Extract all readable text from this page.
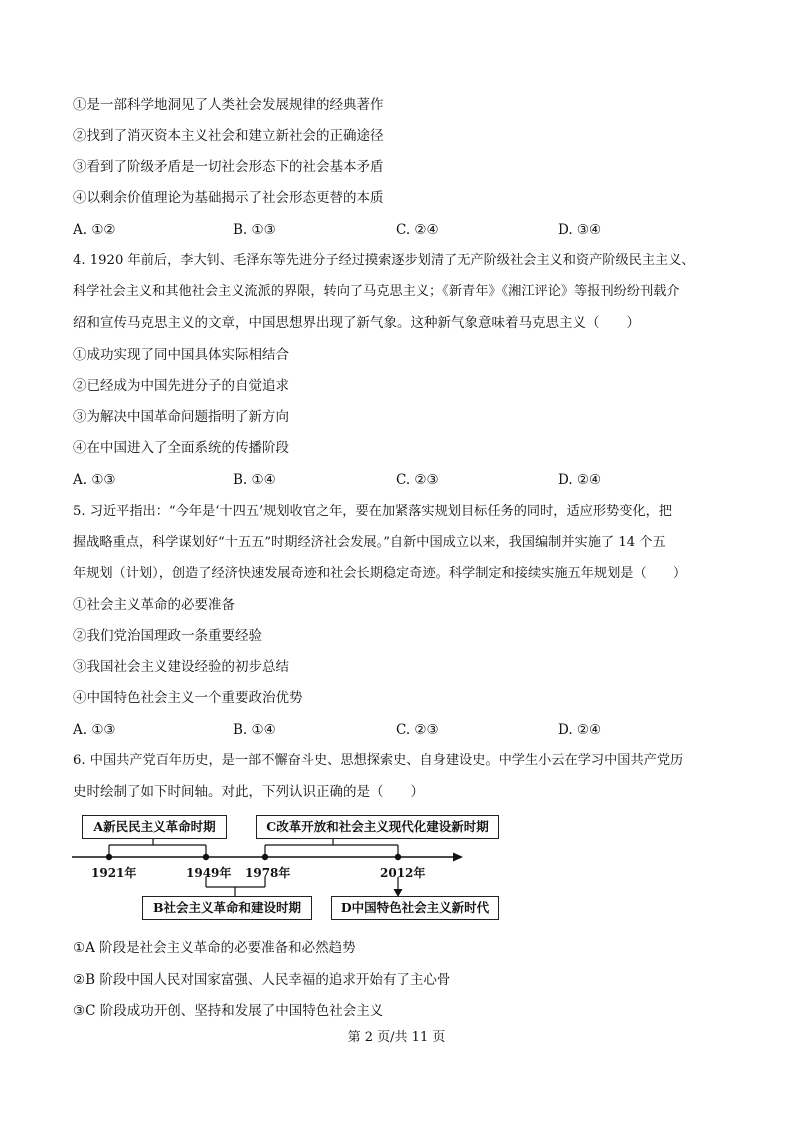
①是一部科学地洞见了人类社会发展规律的经典著作
②找到了消灭资本主义社会和建立新社会的正确途径
③看到了阶级矛盾是一切社会形态下的社会基本矛盾
④以剩余价值理论为基础揭示了社会形态更替的本质
A. ①②	B. ①③	C. ②④	D. ③④
4. 1920 年前后，李大钊、毛泽东等先进分子经过摸索逐步划清了无产阶级社会主义和资产阶级民主主义、
科学社会主义和其他社会主义流派的界限，转向了马克思主义；《新青年》《湘江评论》等报刊纷纷刊载介
绍和宣传马克思主义的文章，中国思想界出现了新气象。这种新气象意味着马克思主义（　　）
①成功实现了同中国具体实际相结合
②已经成为中国先进分子的自觉追求
③为解决中国革命问题指明了新方向
④在中国进入了全面系统的传播阶段
A. ①③	B. ①④	C. ②③	D. ②④
5. 习近平指出：“今年是‘十四五’规划收官之年，要在加紧落实规划目标任务的同时，适应形势变化，把
握战略重点，科学谋划好“十五五”时期经济社会发展。”自新中国成立以来，我国编制并实施了 14 个五
年规划（计划），创造了经济快速发展奇迹和社会长期稳定奇迹。科学制定和接续实施五年规划是（　　）
①社会主义革命的必要准备
②我们党治国理政一条重要经验
③我国社会主义建设经验的初步总结
④中国特色社会主义一个重要政治优势
A. ①③	B. ①④	C. ②③	D. ②④
6. 中国共产党百年历史，是一部不懈奋斗史、思想探索史、自身建设史。中学生小云在学习中国共产党历
史时绘制了如下时间轴。对此，下列认识正确的是（　　）
A新民民主义革命时期	C改革开放和社会主义现代化建设新时期
B社会主义革命和建设时期	D中国特色社会主义新时代
1921年	1949年 1978年	2012年
①A 阶段是社会主义革命的必要准备和必然趋势
②B 阶段中国人民对国家富强、人民幸福的追求开始有了主心骨
③C 阶段成功开创、坚持和发展了中国特色社会主义
第 2 页/共 11 页
